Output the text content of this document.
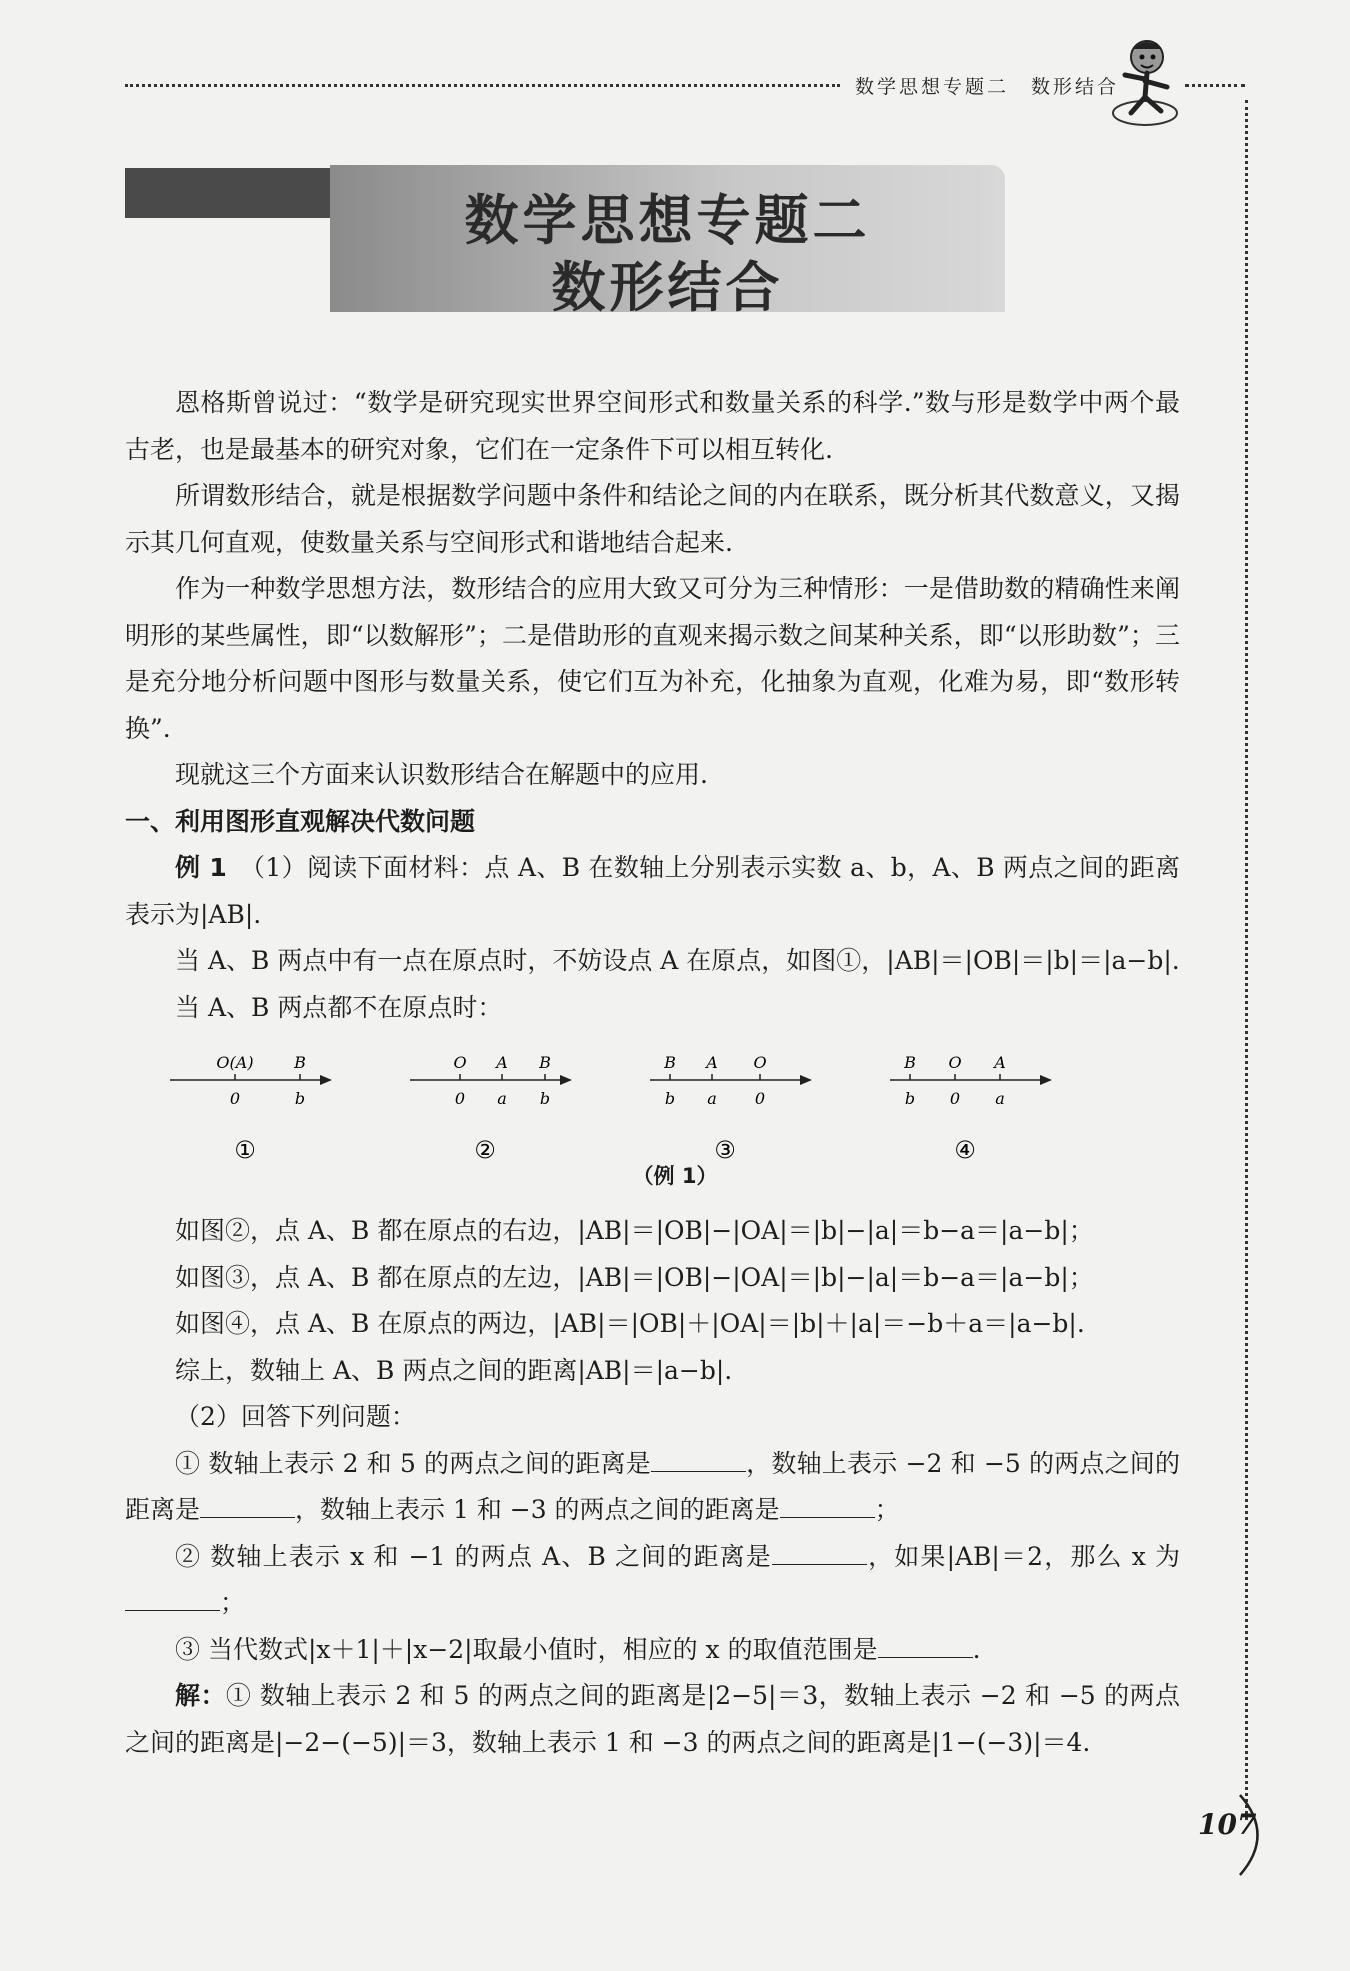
数学思想专题二　数形结合
数学思想专题二
数形结合

恩格斯曾说过：“数学是研究现实世界空间形式和数量关系的科学.”数与形是数学中两个最古老，也是最基本的研究对象，它们在一定条件下可以相互转化.

所谓数形结合，就是根据数学问题中条件和结论之间的内在联系，既分析其代数意义，又揭示其几何直观，使数量关系与空间形式和谐地结合起来.

作为一种数学思想方法，数形结合的应用大致又可分为三种情形：一是借助数的精确性来阐明形的某些属性，即“以数解形”；二是借助形的直观来揭示数之间某种关系，即“以形助数”；三是充分地分析问题中图形与数量关系，使它们互为补充，化抽象为直观，化难为易，即“数形转换”.

现就这三个方面来认识数形结合在解题中的应用.

一、利用图形直观解决代数问题

例 1　 （1）阅读下面材料：点 A、B 在数轴上分别表示实数 a、b，A、B 两点之间的距离表示为|AB|.

当 A、B 两点中有一点在原点时，不妨设点 A 在原点，如图①，|AB|＝|OB|＝|b|＝|a−b|.

当 A、B 两点都不在原点时：

O(A)
0
B
b
①
O
0
A
a
B
b
②
B
b
A
a
O
0
③
B
b
O
0
A
a
④
（例 1）

如图②，点 A、B 都在原点的右边，|AB|＝|OB|−|OA|＝|b|−|a|＝b−a＝|a−b|；

如图③，点 A、B 都在原点的左边，|AB|＝|OB|−|OA|＝|b|−|a|＝b−a＝|a−b|；

如图④，点 A、B 在原点的两边，|AB|＝|OB|＋|OA|＝|b|＋|a|＝−b＋a＝|a−b|.

综上，数轴上 A、B 两点之间的距离|AB|＝|a−b|.

（2）回答下列问题：

① 数轴上表示 2 和 5 的两点之间的距离是	，数轴上表示 −2 和 −5 的两点之间的距离是	，数轴上表示 1 和 −3 的两点之间的距离是	；

② 数轴上表示 x 和 −1 的两点 A、B 之间的距离是	，如果|AB|＝2，那么 x 为；

③ 当代数式|x＋1|＋|x−2|取最小值时，相应的 x 的取值范围是	.

解：① 数轴上表示 2 和 5 的两点之间的距离是|2−5|＝3，数轴上表示 −2 和 −5 的两点之间的距离是|−2−(−5)|＝3，数轴上表示 1 和 −3 的两点之间的距离是|1−(−3)|＝4.

107
